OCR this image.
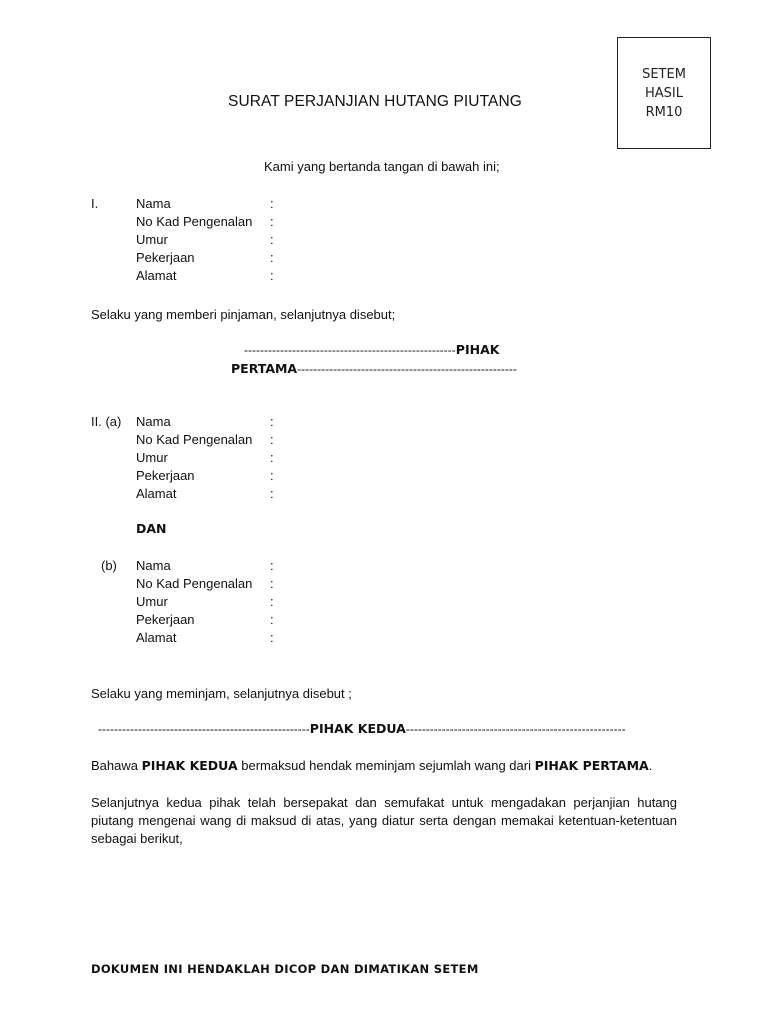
SETEM
HASIL
RM10
SURAT PERJANJIAN HUTANG PIUTANG
Kami yang bertanda tangan di bawah ini;
I.	Nama	:
No Kad Pengenalan :
Umur	:
Pekerjaan	:
Alamat	:
Selaku yang memberi pinjaman, selanjutnya disebut;
-----------------------------------------------------PIHAK
PERTAMA-------------------------------------------------------
II. (a) Nama	:
No Kad Pengenalan :
Umur	:
Pekerjaan	:
Alamat	:
DAN
(b) Nama	:
No Kad Pengenalan :
Umur	:
Pekerjaan	:
Alamat	:
Selaku yang meminjam, selanjutnya disebut ;
-----------------------------------------------------PIHAK KEDUA-------------------------------------------------------
Bahawa PIHAK KEDUA bermaksud hendak meminjam sejumlah wang dari PIHAK PERTAMA.
Selanjutnya kedua pihak telah bersepakat dan semufakat untuk mengadakan perjanjian hutang piutang mengenai wang di maksud di atas, yang diatur serta dengan memakai ketentuan-ketentuan sebagai berikut,
DOKUMEN INI HENDAKLAH DICOP DAN DIMATIKAN SETEM
